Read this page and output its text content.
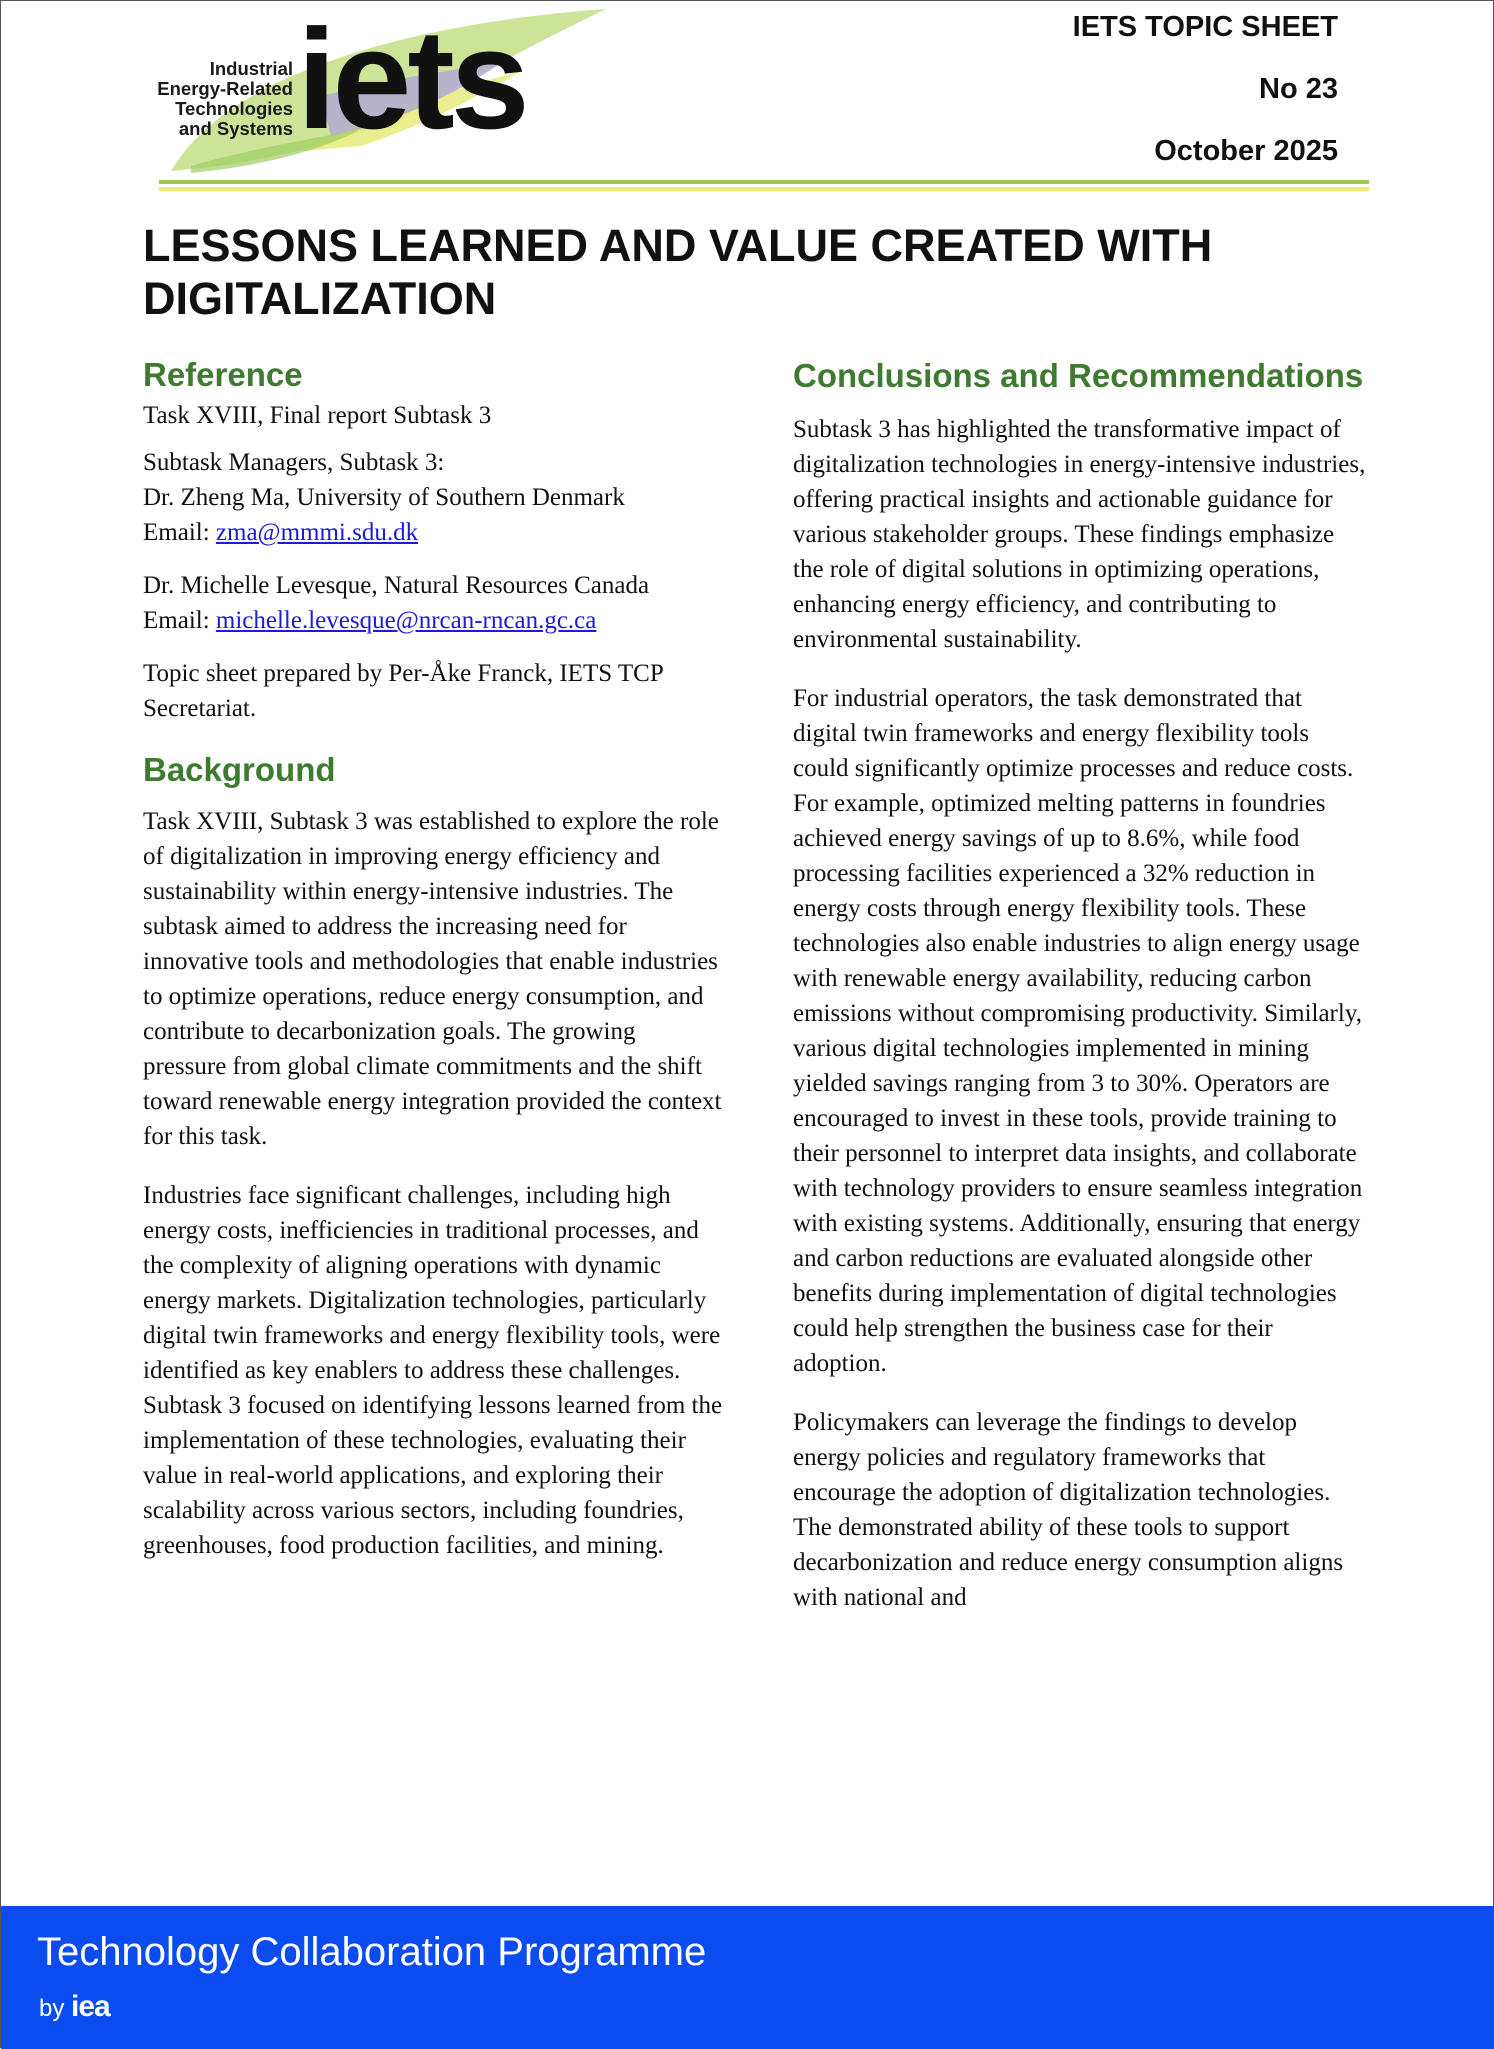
Industrial
Energy-Related
Technologies
and Systems iets	IETS TOPIC SHEET
No 23
October 2025
LESSONS LEARNED AND VALUE CREATED WITH DIGITALIZATION
Reference

Task XVIII, Final report Subtask 3

Subtask Managers, Subtask 3:

Dr. Zheng Ma, University of Southern Denmark

Email: zma@mmmi.sdu.dk

Dr. Michelle Levesque, Natural Resources Canada

Email: michelle.levesque@nrcan-rncan.gc.ca

Topic sheet prepared by Per-Åke Franck, IETS TCP Secretariat.

Background

Task XVIII, Subtask 3 was established to explore the role of digitalization in improving energy efficiency and sustainability within energy-intensive industries. The subtask aimed to address the increasing need for innovative tools and methodologies that enable industries to optimize operations, reduce energy consumption, and contribute to decarbonization goals. The growing pressure from global climate commitments and the shift toward renewable energy integration provided the context for this task.

Industries face significant challenges, including high energy costs, inefficiencies in traditional processes, and the complexity of aligning operations with dynamic energy markets. Digitalization technologies, particularly digital twin frameworks and energy flexibility tools, were identified as key enablers to address these challenges. Subtask 3 focused on identifying lessons learned from the implementation of these technologies, evaluating their value in real-world applications, and exploring their scalability across various sectors, including foundries, greenhouses, food production facilities, and mining.

Conclusions and Recommendations

Subtask 3 has highlighted the transformative impact of digitalization technologies in energy-intensive industries, offering practical insights and actionable guidance for various stakeholder groups. These findings emphasize the role of digital solutions in optimizing operations, enhancing energy efficiency, and contributing to environmental sustainability.

For industrial operators, the task demonstrated that digital twin frameworks and energy flexibility tools could significantly optimize processes and reduce costs. For example, optimized melting patterns in foundries achieved energy savings of up to 8.6%, while food processing facilities experienced a 32% reduction in energy costs through energy flexibility tools. These technologies also enable industries to align energy usage with renewable energy availability, reducing carbon emissions without compromising productivity. Similarly, various digital technologies implemented in mining yielded savings ranging from 3 to 30%. Operators are encouraged to invest in these tools, provide training to their personnel to interpret data insights, and collaborate with technology providers to ensure seamless integration with existing systems. Additionally, ensuring that energy and carbon reductions are evaluated alongside other benefits during implementation of digital technologies could help strengthen the business case for their adoption.

Policymakers can leverage the findings to develop energy policies and regulatory frameworks that encourage the adoption of digitalization technologies. The demonstrated ability of these tools to support decarbonization and reduce energy consumption aligns with national and

Technology Collaboration Programme
by iea
